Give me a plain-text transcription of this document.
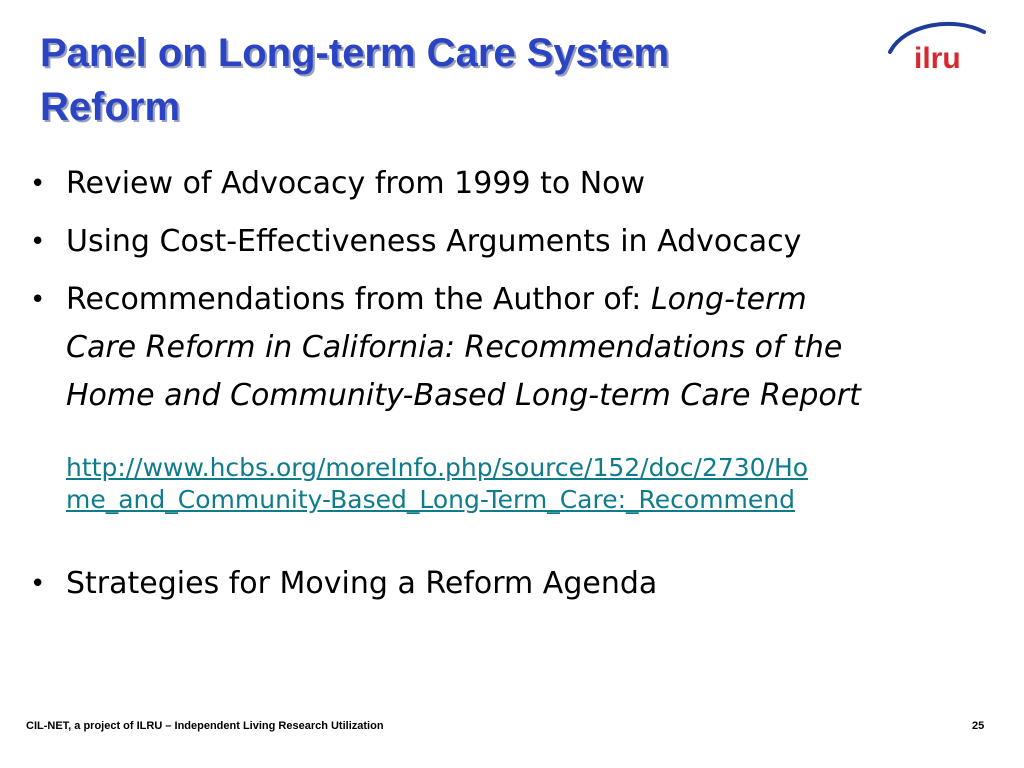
Panel on Long-term Care System
Reform
ilru
• Review of Advocacy from 1999 to Now
• Using Cost-Effectiveness Arguments in Advocacy
• Recommendations from the Author of: Long-term
Care Reform in California: Recommendations of the
Home and Community-Based Long-term Care Report
• Strategies for Moving a Reform Agenda
http://www.hcbs.org/moreInfo.php/source/152/doc/2730/Ho
me_and_Community-Based_Long-Term_Care:_Recommend
CIL-NET, a project of ILRU – Independent Living Research Utilization	25
